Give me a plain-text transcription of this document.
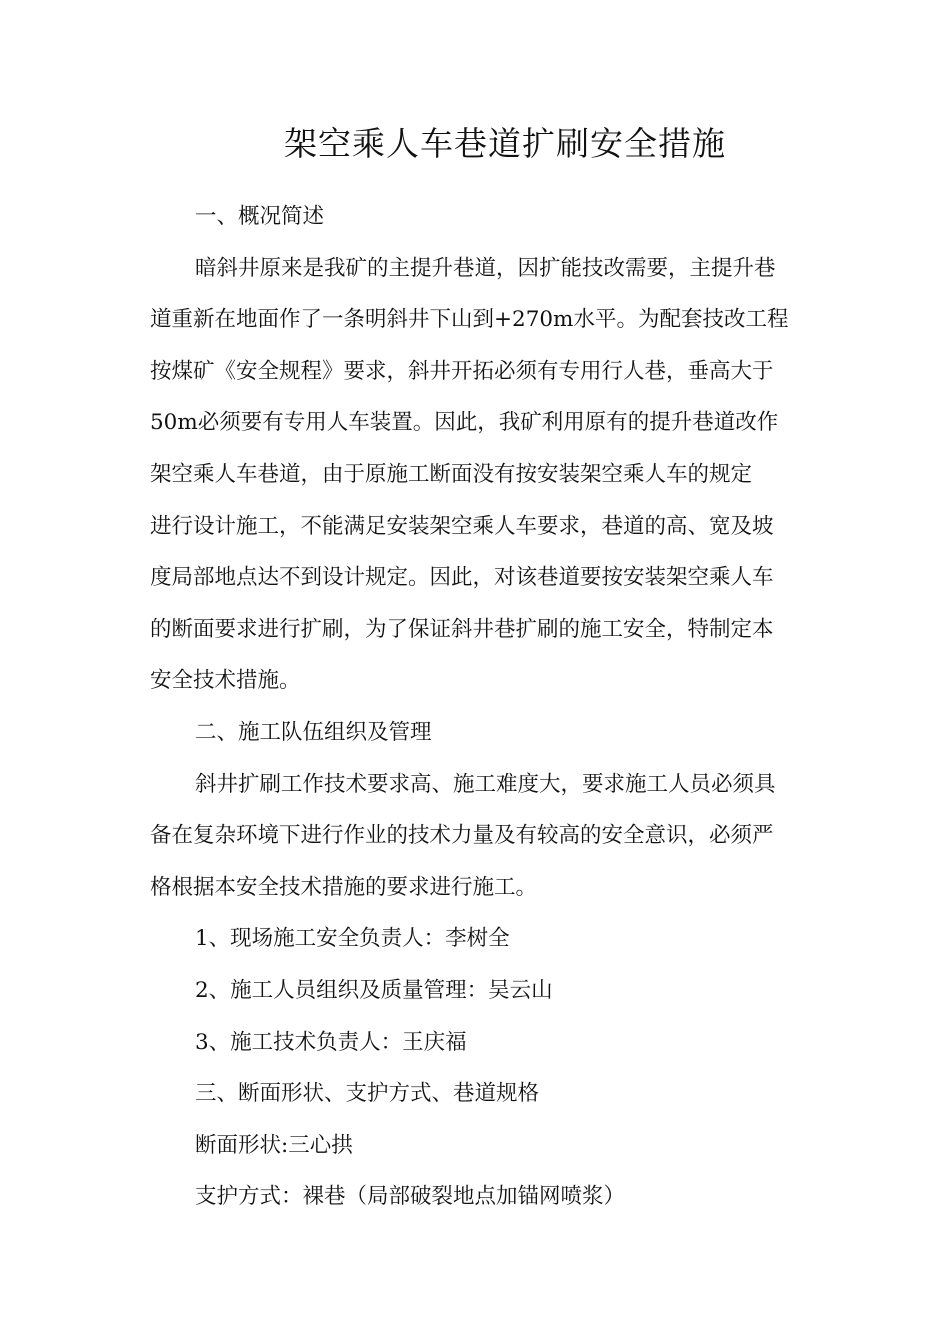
架空乘人车巷道扩刷安全措施

一、概况简述

暗斜井原来是我矿的主提升巷道，因扩能技改需要，主提升巷

道重新在地面作了一条明斜井下山到+270m水平。为配套技改工程

按煤矿《安全规程》要求，斜井开拓必须有专用行人巷，垂高大于

50m必须要有专用人车装置。因此，我矿利用原有的提升巷道改作

架空乘人车巷道，由于原施工断面没有按安装架空乘人车的规定

进行设计施工，不能满足安装架空乘人车要求，巷道的高、宽及坡

度局部地点达不到设计规定。因此，对该巷道要按安装架空乘人车

的断面要求进行扩刷，为了保证斜井巷扩刷的施工安全，特制定本

安全技术措施。

二、施工队伍组织及管理

斜井扩刷工作技术要求高、施工难度大，要求施工人员必须具

备在复杂环境下进行作业的技术力量及有较高的安全意识，必须严

格根据本安全技术措施的要求进行施工。

1、现场施工安全负责人：李树全

2、施工人员组织及质量管理：吴云山

3、施工技术负责人：王庆福

三、断面形状、支护方式、巷道规格

断面形状:三心拱

支护方式：裸巷（局部破裂地点加锚网喷浆）
